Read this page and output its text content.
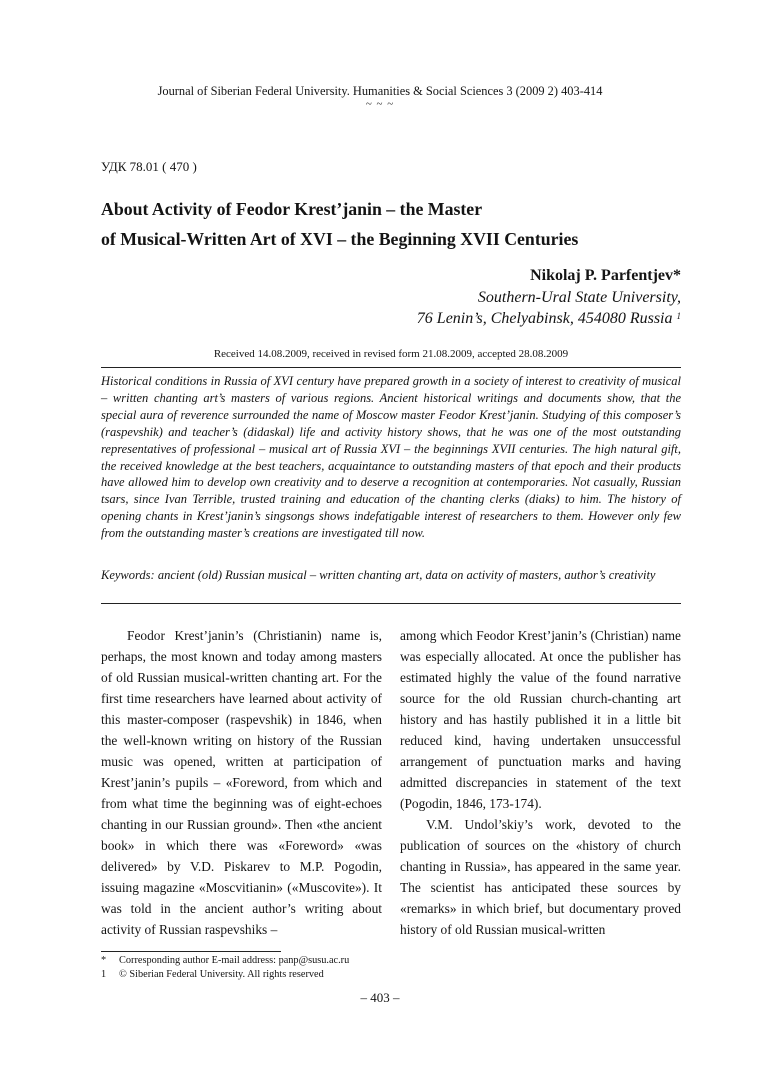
Journal of Siberian Federal University. Humanities & Social Sciences 3 (2009 2) 403-414
~ ~ ~
УДК 78.01 ( 470 )
About Activity of Feodor Krest’janin – the Master
of Musical-Written Art of XVI – the Beginning XVII Centuries
Nikolaj P. Parfentjev*
Southern-Ural State University,
76 Lenin’s, Chelyabinsk, 454080 Russia $^1$
Received 14.08.2009, received in revised form 21.08.2009, accepted 28.08.2009

Historical conditions in Russia of XVI century have prepared growth in a society of interest to creativity of musical – written chanting art’s masters of various regions. Ancient historical writings and documents show, that the special aura of reverence surrounded the name of Moscow master Feodor Krest’janin. Studying of this composer’s (raspevshik) and teacher’s (didaskal) life and activity history shows, that he was one of the most outstanding representatives of professional – musical art of Russia XVI – the beginnings XVII centuries. The high natural gift, the received knowledge at the best teachers, acquaintance to outstanding masters of that epoch and their products have allowed him to develop own creativity and to deserve a recognition at contemporaries. Not casually, Russian tsars, since Ivan Terrible, trusted training and education of the chanting clerks (diaks) to him. The history of opening chants in Krest’janin’s singsongs shows indefatigable interest of researchers to them. However only few from the outstanding master’s creations are investigated till now.

Keywords: ancient (old) Russian musical – written chanting art, data on activity of masters, author’s creativity

Feodor Krest’janin’s (Christianin) name is, perhaps, the most known and today among masters of old Russian musical-written chanting art. For the first time researchers have learned about activity of this master-composer (raspevshik) in 1846, when the well-known writing on history of the Russian music was opened, written at participation of Krest’janin’s pupils – «Foreword, from which and from what time the beginning was of eight-echoes chanting in our Russian ground». Then «the ancient book» in which there was «Foreword» «was delivered» by V.D. Piskarev to M.P. Pogodin, issuing magazine «Moscvitianin» («Muscovite»). It was told in the ancient author’s writing about activity of Russian raspevshiks –

among which Feodor Krest’janin’s (Christian) name was especially allocated. At once the publisher has estimated highly the value of the found narrative source for the old Russian church-chanting art history and has hastily published it in a little bit reduced kind, having undertaken unsuccessful arrangement of punctuation marks and having admitted discrepancies in statement of the text (Pogodin, 1846, 173-174).

V.M. Undol’skiy’s work, devoted to the publication of sources on the «history of church chanting in Russia», has appeared in the same year. The scientist has anticipated these sources by «remarks» in which brief, but documentary proved history of old Russian musical-written

* Corresponding author E-mail address: panp@susu.ac.ru
1 © Siberian Federal University. All rights reserved
– 403 –
